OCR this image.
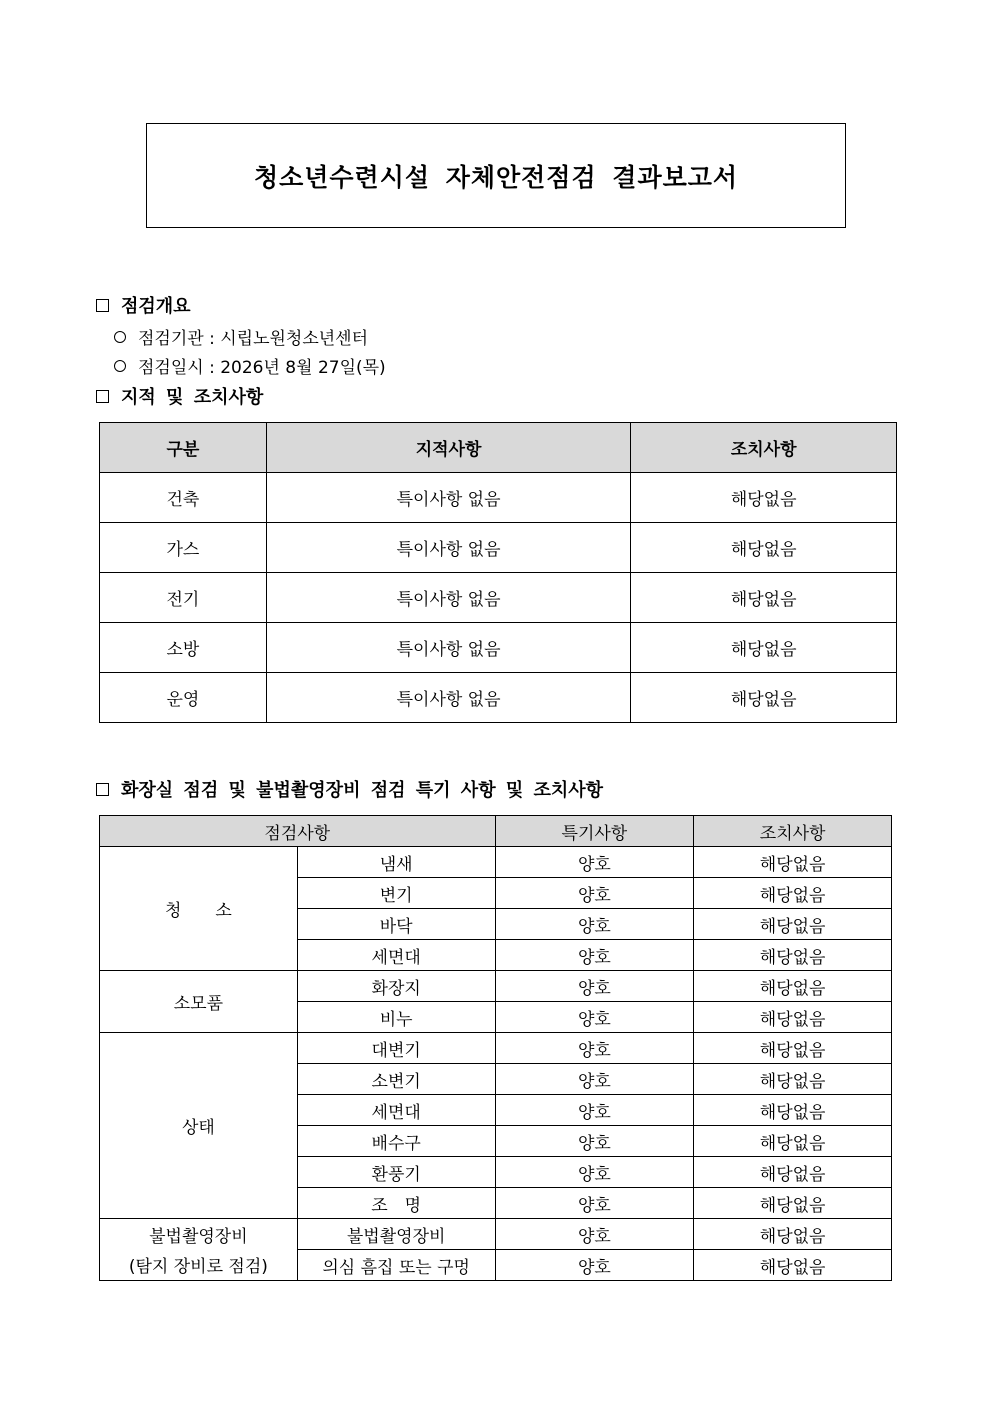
청소년수련시설 자체안전점검 결과보고서
점검개요
점검기관 : 시립노원청소년센터
점검일시 : 2026년 8월 27일(목)
지적 및 조치사항
구분	지적사항	조치사항
건축	특이사항 없음	해당없음
가스	특이사항 없음	해당없음
전기	특이사항 없음	해당없음
소방	특이사항 없음	해당없음
운영	특이사항 없음	해당없음
화장실 점검 및 불법촬영장비 점검 특기 사항 및 조치사항
점검사항		특기사항	조치사항
청　　소	냄새	양호	해당없음
	변기	양호	해당없음
	바닥	양호	해당없음
	세면대	양호	해당없음
소모품	화장지	양호	해당없음
	비누	양호	해당없음
상태	대변기	양호	해당없음
	소변기	양호	해당없음
	세면대	양호	해당없음
	배수구	양호	해당없음
	환풍기	양호	해당없음
	조　명	양호	해당없음
불법촬영장비	불법촬영장비	양호	해당없음
(탐지 장비로 점검)	의심 흠집 또는 구멍	양호	해당없음
